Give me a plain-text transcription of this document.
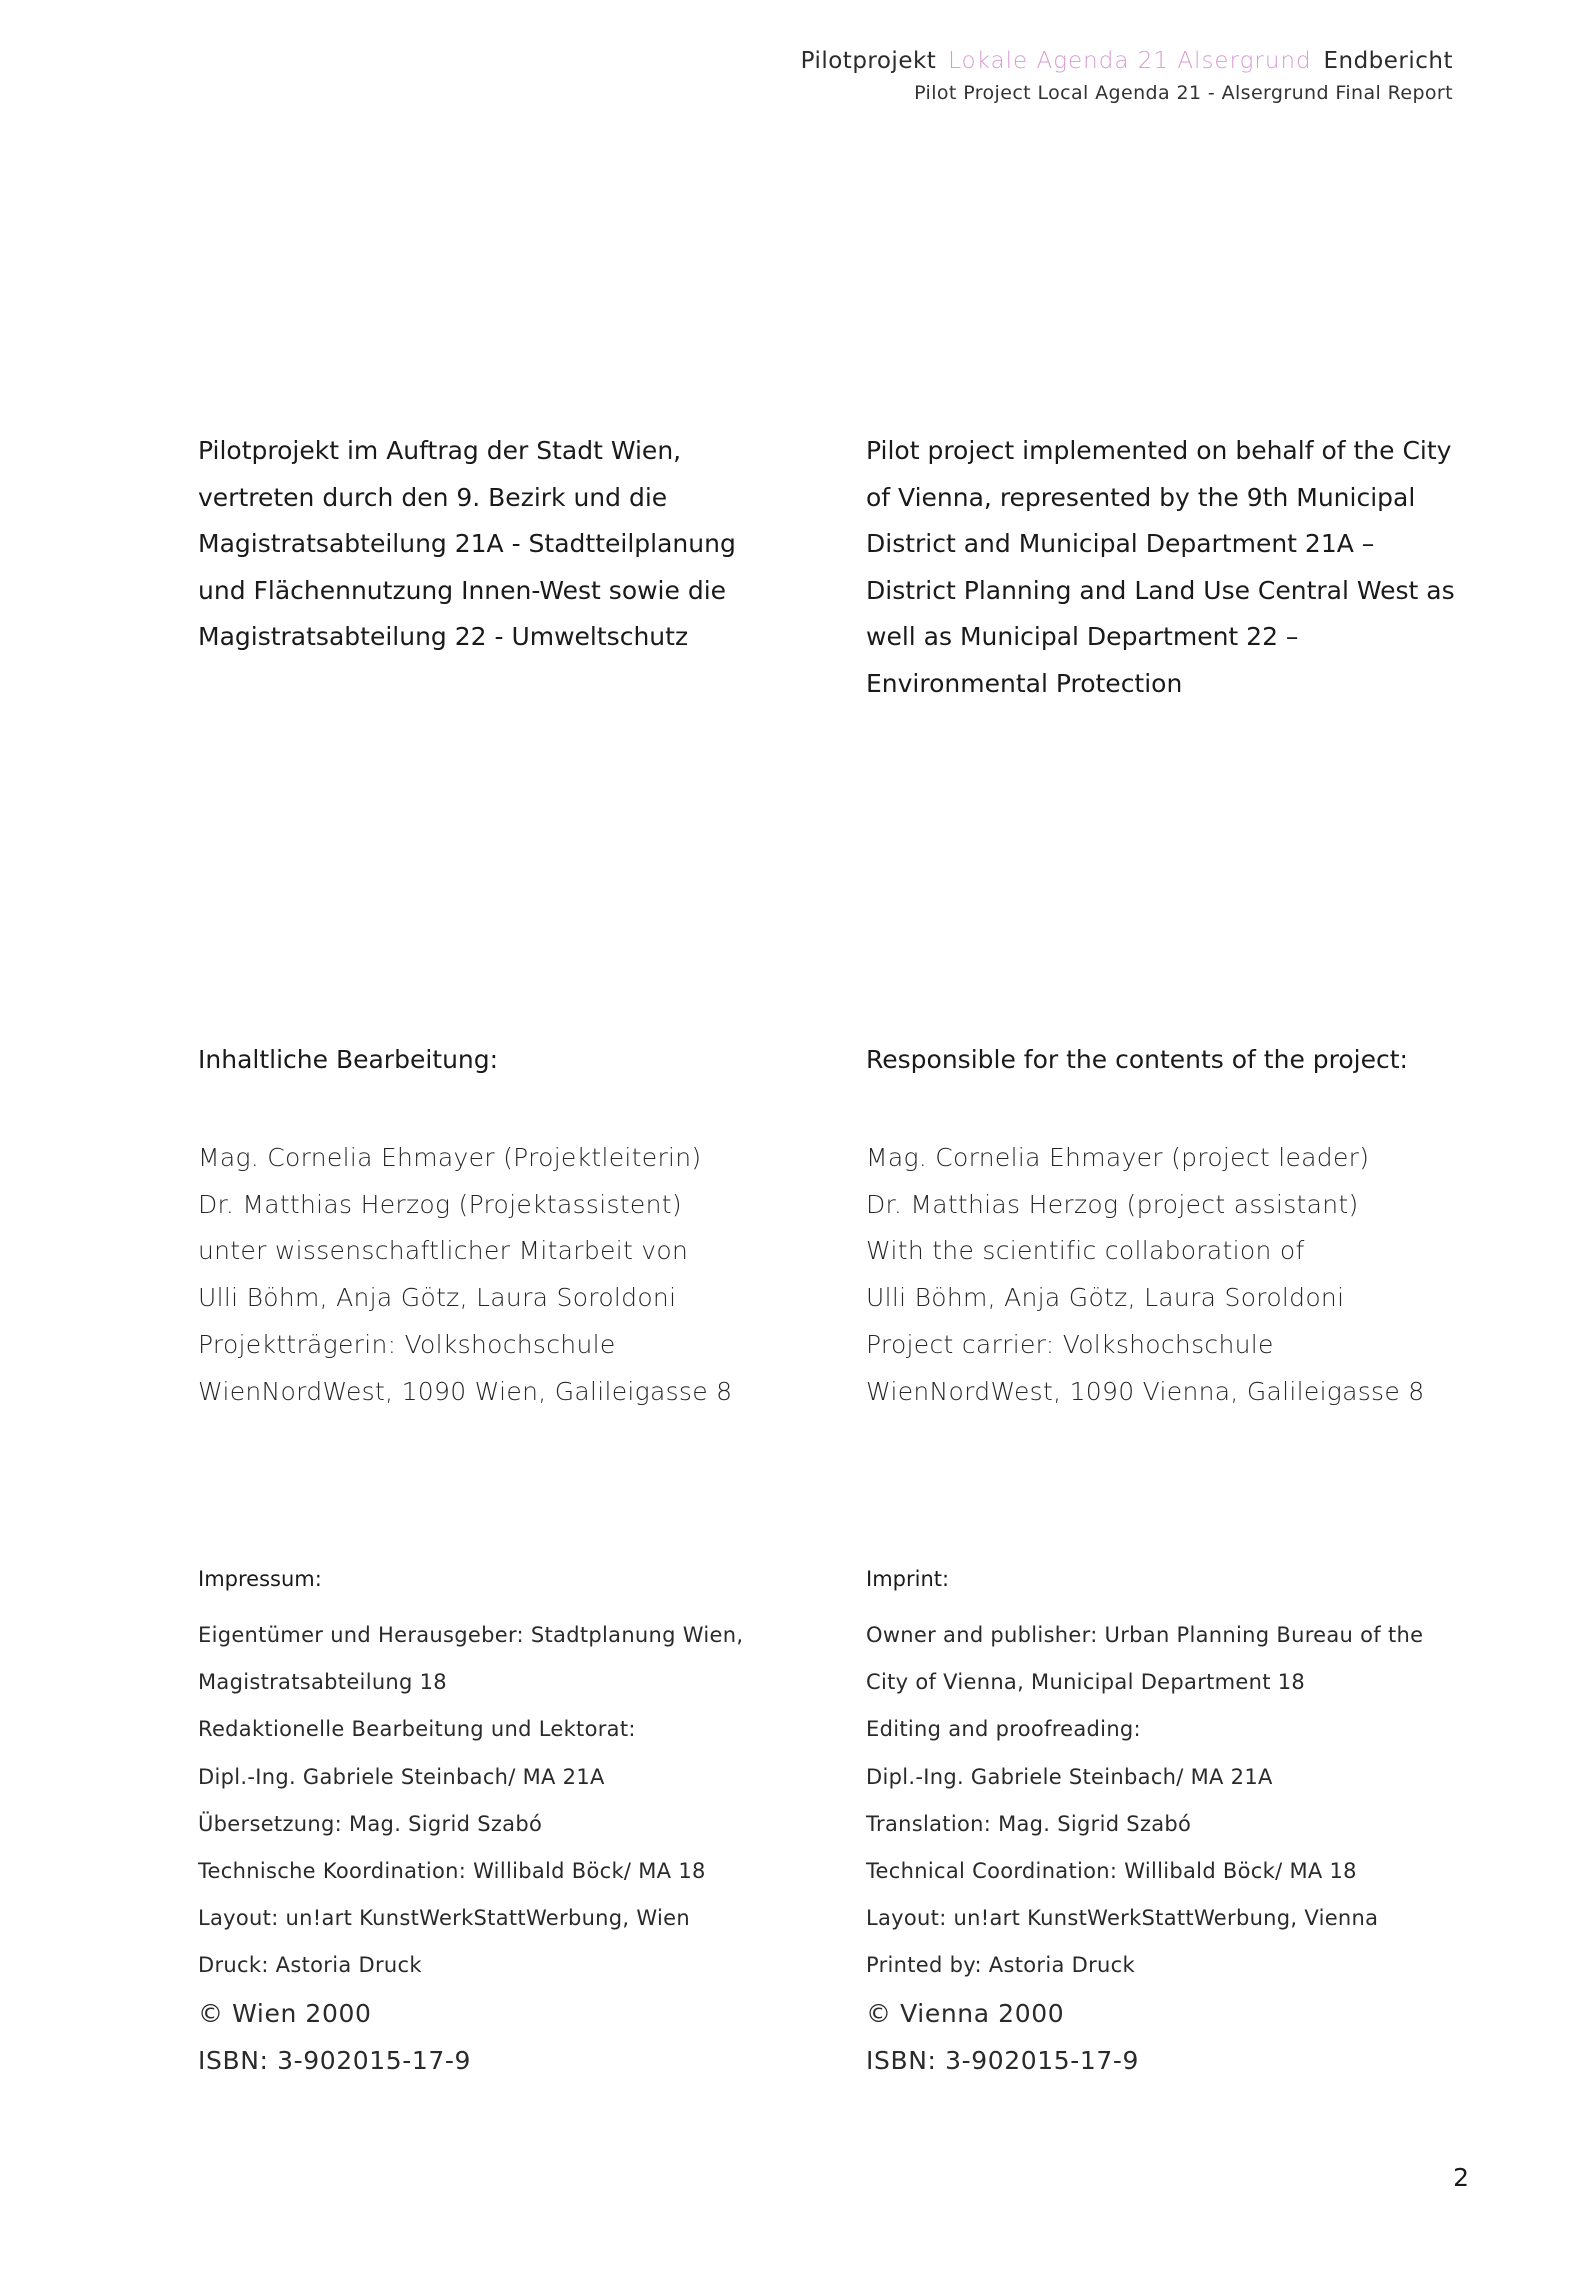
Pilotprojekt Lokale Agenda 21 Alsergrund Endbericht
Pilot Project Local Agenda 21 - Alsergrund Final Report

Pilotprojekt im Auftrag der Stadt Wien, vertreten durch den 9. Bezirk und die Magistratsabteilung 21A - Stadtteilplanung und Flächennutzung Innen-West sowie die Magistratsabteilung 22 - Umweltschutz

Pilot project implemented on behalf of the City of Vienna, represented by the 9th Municipal District and Municipal Department 21A – District Planning and Land Use Central West as well as Municipal Department 22 – Environmental Protection

Inhaltliche Bearbeitung:	Responsible for the contents of the project:
Mag. Cornelia Ehmayer (Projektleiterin)
Dr. Matthias Herzog (Projektassistent)
unter wissenschaftlicher Mitarbeit von
Ulli Böhm, Anja Götz, Laura Soroldoni
Projektträgerin: Volkshochschule
WienNordWest, 1090 Wien, Galileigasse 8
Mag. Cornelia Ehmayer (project leader)
Dr. Matthias Herzog (project assistant)
With the scientific collaboration of
Ulli Böhm, Anja Götz, Laura Soroldoni
Project carrier: Volkshochschule
WienNordWest, 1090 Vienna, Galileigasse 8
Impressum:	Imprint:
Eigentümer und Herausgeber: Stadtplanung Wien,
Magistratsabteilung 18
Redaktionelle Bearbeitung und Lektorat:
Dipl.-Ing. Gabriele Steinbach/ MA 21A
Übersetzung: Mag. Sigrid Szabó
Technische Koordination: Willibald Böck/ MA 18
Layout: un!art KunstWerkStattWerbung, Wien
Druck: Astoria Druck
© Wien 2000
ISBN: 3-902015-17-9
Owner and publisher: Urban Planning Bureau of the
City of Vienna, Municipal Department 18
Editing and proofreading:
Dipl.-Ing. Gabriele Steinbach/ MA 21A
Translation: Mag. Sigrid Szabó
Technical Coordination: Willibald Böck/ MA 18
Layout: un!art KunstWerkStattWerbung, Vienna
Printed by: Astoria Druck
© Vienna 2000
ISBN: 3-902015-17-9
2
